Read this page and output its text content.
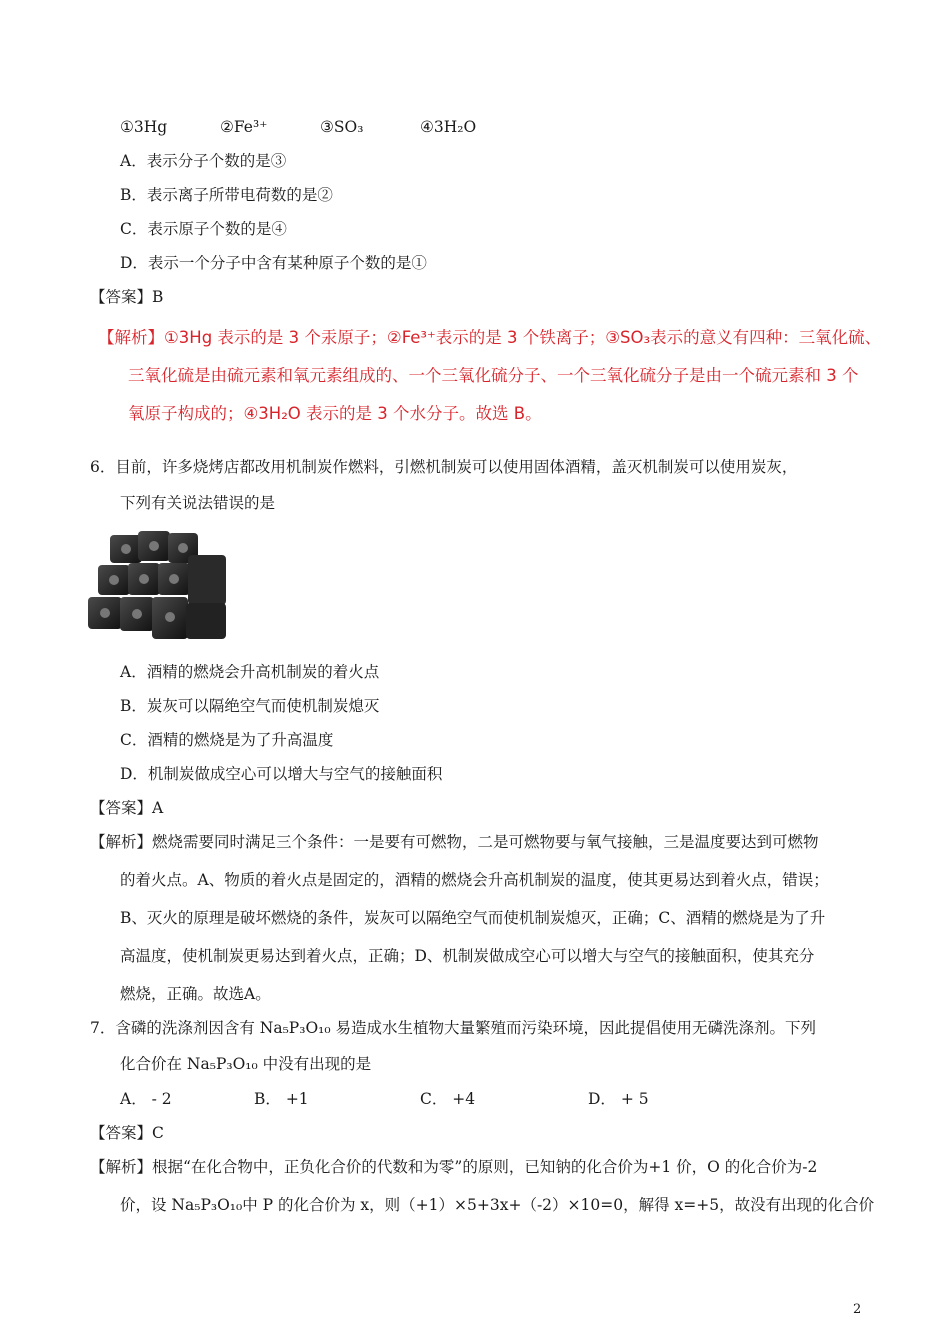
①3Hg	②Fe³⁺	③SO₃	④3H₂O
A．表示分子个数的是③
B．表示离子所带电荷数的是②
C．表示原子个数的是④
D．表示一个分子中含有某种原子个数的是①
【答案】B
【解析】①3Hg 表示的是 3 个汞原子；②Fe³⁺表示的是 3 个铁离子；③SO₃表示的意义有四种：三氧化硫、
三氧化硫是由硫元素和氧元素组成的、一个三氧化硫分子、一个三氧化硫分子是由一个硫元素和 3 个
氧原子构成的；④3H₂O 表示的是 3 个水分子。故选 B。
6．目前，许多烧烤店都改用机制炭作燃料，引燃机制炭可以使用固体酒精，盖灭机制炭可以使用炭灰，
下列有关说法错误的是
A．酒精的燃烧会升高机制炭的着火点
B．炭灰可以隔绝空气而使机制炭熄灭
C．酒精的燃烧是为了升高温度
D．机制炭做成空心可以增大与空气的接触面积
【答案】A
【解析】燃烧需要同时满足三个条件：一是要有可燃物，二是可燃物要与氧气接触，三是温度要达到可燃物
的着火点。A、物质的着火点是固定的，酒精的燃烧会升高机制炭的温度，使其更易达到着火点，错误；
B、灭火的原理是破坏燃烧的条件，炭灰可以隔绝空气而使机制炭熄灭，正确；C、酒精的燃烧是为了升
高温度，使机制炭更易达到着火点，正确；D、机制炭做成空心可以增大与空气的接触面积，使其充分
燃烧，正确。故选A。
7．含磷的洗涤剂因含有 Na₅P₃O₁₀ 易造成水生植物大量繁殖而污染环境，因此提倡使用无磷洗涤剂。下列
化合价在 Na₅P₃O₁₀ 中没有出现的是
A． - 2	B． +1	C． +4	D． + 5
【答案】C
【解析】根据“在化合物中，正负化合价的代数和为零”的原则，已知钠的化合价为+1 价，O 的化合价为-2
价，设 Na₅P₃O₁₀中 P 的化合价为 x，则（+1）×5+3x+（-2）×10=0，解得 x=+5，故没有出现的化合价
2
